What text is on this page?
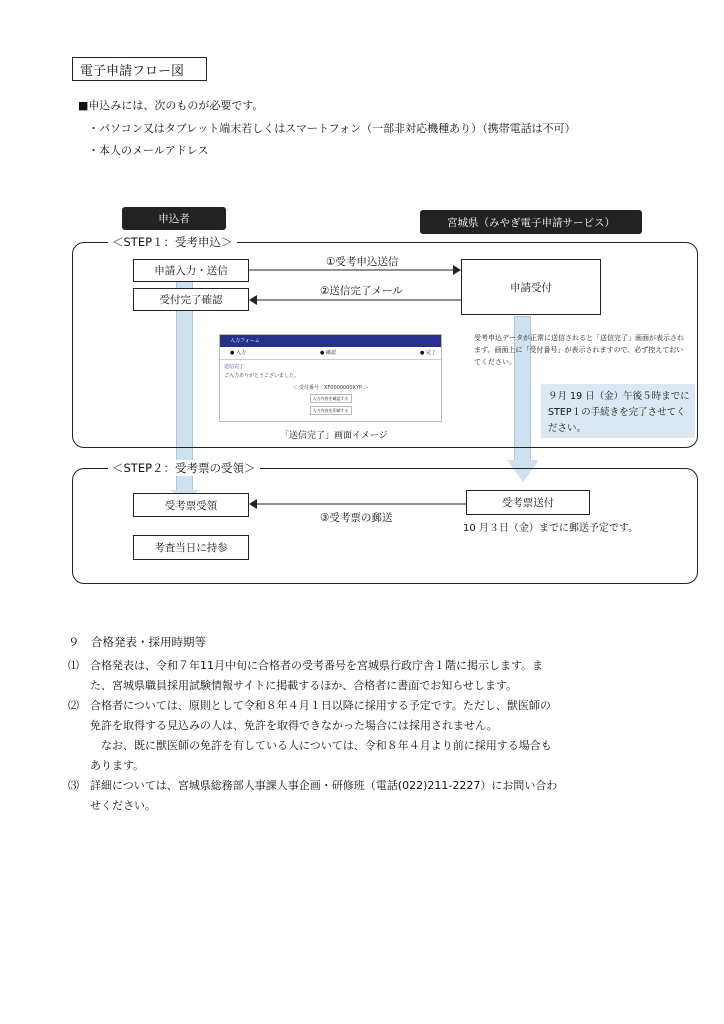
電子申請フロー図
■申込みには、次のものが必要です。
・パソコン又はタブレット端末若しくはスマートフォン（一部非対応機種あり）（携帯電話は不可）
・本人のメールアドレス
申込者	宮城県（みやぎ電子申請サービス）
＜STEP１：受考申込＞
申請入力・送信
受付完了確認
申請受付
①受考申込送信
②送信完了メール
受考申込データが正常に送信されると「送信完了」画面が表示されます。画面上に「受付番号」が表示されますので、必ず控えておいてください。
９月 19 日（金）午後５時までにSTEP１の手続きを完了させてください。
入力フォーム
● 入力	● 確認	● 完了
送信完了
ご入力ありがとうございました。
＜ 受付番号：XF0000000XYP ＞
入力内容を確認する
入力内容を印刷する
「送信完了」画面イメージ
＜STEP２：受考票の受領＞
受考票受領
考査当日に持参
受考票送付
③受考票の郵送
10 月３日（金）までに郵送予定です。
９　合格発表・採用時期等
⑴　合格発表は、令和７年11月中旬に合格者の受考番号を宮城県行政庁舎１階に掲示します。ま
　　た、宮城県職員採用試験情報サイトに掲載するほか、合格者に書面でお知らせします。
⑵　合格者については、原則として令和８年４月１日以降に採用する予定です。ただし、獣医師の
　　免許を取得する見込みの人は、免許を取得できなかった場合には採用されません。
　　　なお、既に獣医師の免許を有している人については、令和８年４月より前に採用する場合も
　　あります。
⑶　詳細については、宮城県総務部人事課人事企画・研修班（電話(022)211-2227）にお問い合わ
　　せください。
